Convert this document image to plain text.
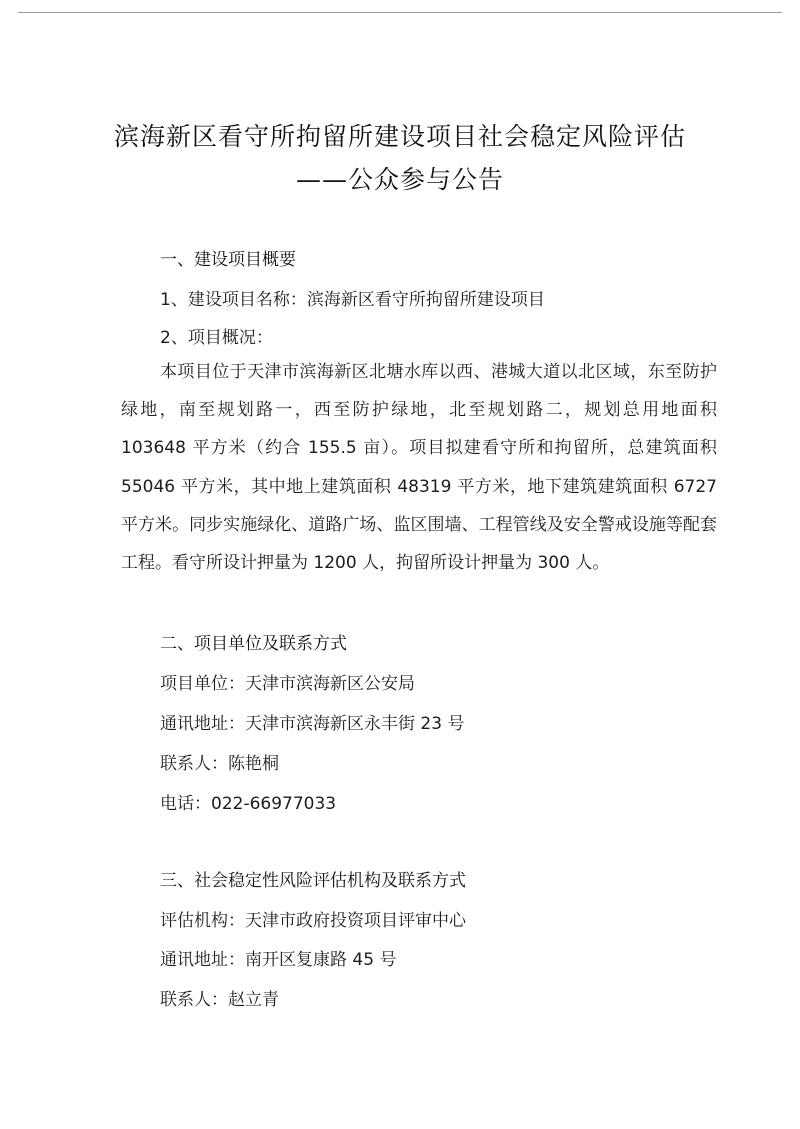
滨海新区看守所拘留所建设项目社会稳定风险评估
——公众参与公告
一、建设项目概要
1、建设项目名称：滨海新区看守所拘留所建设项目
2、项目概况：
本项目位于天津市滨海新区北塘水库以西、港城大道以北区域，东至防护绿地，南至规划路一，西至防护绿地，北至规划路二，规划总用地面积 103648 平方米（约合 155.5 亩）。项目拟建看守所和拘留所，总建筑面积 55046 平方米，其中地上建筑面积 48319 平方米，地下建筑建筑面积 6727 平方米。同步实施绿化、道路广场、监区围墙、工程管线及安全警戒设施等配套工程。看守所设计押量为 1200 人，拘留所设计押量为 300 人。
二、项目单位及联系方式
项目单位：天津市滨海新区公安局
通讯地址：天津市滨海新区永丰街 23 号
联系人：陈艳桐
电话：022-66977033
三、社会稳定性风险评估机构及联系方式
评估机构：天津市政府投资项目评审中心
通讯地址：南开区复康路 45 号
联系人：赵立青
